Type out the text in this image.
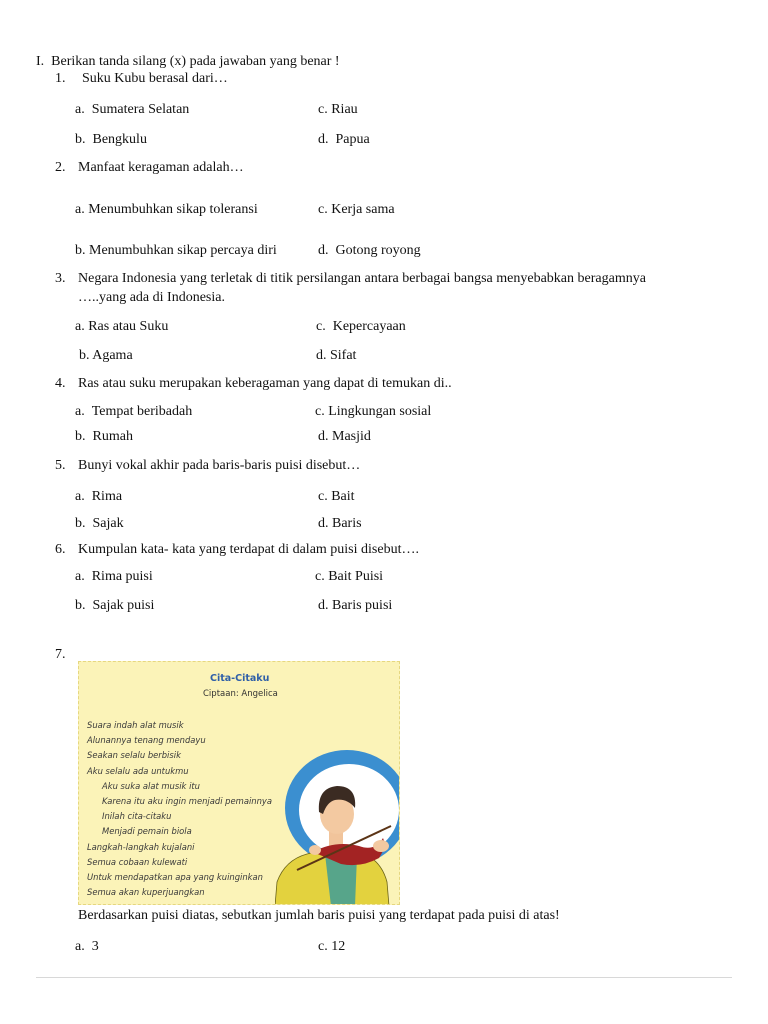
I. Berikan tanda silang (x) pada jawaban yang benar !
1. Suku Kubu berasal dari…
a. Sumatera Selatan	c. Riau
b. Bengkulu	d. Papua
2. Manfaat keragaman adalah…
a. Menumbuhkan sikap toleransi	c. Kerja sama
b. Menumbuhkan sikap percaya diri	d. Gotong royong
3. Negara Indonesia yang terletak di titik persilangan antara berbagai bangsa menyebabkan beragamnya
…..yang ada di Indonesia.
a. Ras atau Suku	c. Kepercayaan
b. Agama	d. Sifat
4. Ras atau suku merupakan keberagaman yang dapat di temukan di..
a. Tempat beribadah	c. Lingkungan sosial
b. Rumah	d. Masjid
5. Bunyi vokal akhir pada baris-baris puisi disebut…
a. Rima	c. Bait
b. Sajak	d. Baris
6. Kumpulan kata- kata yang terdapat di dalam puisi disebut….
a. Rima puisi	c. Bait Puisi
b. Sajak puisi	d. Baris puisi
7.
Cita-Citaku
Ciptaan: Angelica
Suara indah alat musik
Alunannya tenang mendayu
Seakan selalu berbisik
Aku selalu ada untukmu
Aku suka alat musik itu
Karena itu aku ingin menjadi pemainnya
Inilah cita-citaku
Menjadi pemain biola
Langkah-langkah kujalani
Semua cobaan kulewati
Untuk mendapatkan apa yang kuinginkan
Semua akan kuperjuangkan
Berdasarkan puisi diatas, sebutkan jumlah baris puisi yang terdapat pada puisi di atas!
a. 3	c. 12
